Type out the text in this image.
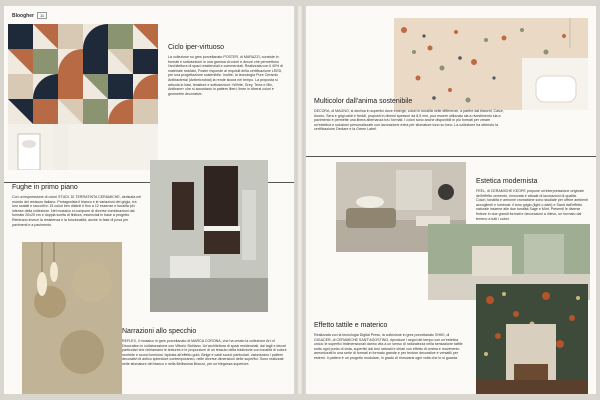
Bloogher 11
Ciclo iper-virtuoso

La collezione su gres porcellanato POSTER, di MARAZZI, consiste in formati e sottosezioni in una gamma di colori e decori che permettono l'architettura di spazi residenziali e commerciali. Realizzata con il 40% di materiale riciclato, Poster risponde ai requisiti della certificazione LEED, per una progettazione sostenibile. Inoltre, la tecnologia Pure Ceramic Antibacterial (Antimicrobial) la rende sicura nel tempo. La proposta si articola in basi, tessiture e sottosezioni: «White, Grey, Terra e Mix, Antitrace» che si accostano in pattern liberi, linee in diversi colori e geometrie decorative.

Fughe in primo piano

Con un'espressione di colori STUDI, DI TERRATINTA CERAMICHE, dedicata nel mondo del restauro italiano. Protagonista il bianco e le variazioni del grigio, tra loro scalati e raccolti in 15 colori ben distinti e fino a 12 essenze e tonalità più intense della collezione. Nel mosaico si compone di diverse combinazioni dal formato 20x20 cm e doppia scelta di finitura, essenziali in base a progetto. Rientrano invece la resistenza e la funzionalità, anche in fase di posa per pavimenti e a pavimento.

Narrazioni allo specchio

REFLEX, il mosaico in gres porcellanato di MARCA CORONA, che ha creato la collezione Art of Decoration in collaborazione con Vittorio Siciliano. Un'architettura di spazi residenziali, dai tagli e decori particolari che richiamano le textures e le proporzioni di un tessuto della tradizione con tonalità di colore morbide e scorci luminosi. Ispirata all'effetto gold, Beige e caldi scorci particolari, valorizzano i pattern decorativi di antico splendore contemporaneo, nelle diverse dimensioni delle superfici. Sono realizzati nelle sfumature del bianco e nella Bellissima Bronzo, per un'eleganza superiore.

Multicolor dall'anima sostenibile

DECORA, di MAGNO, si declina in superfici dove emerge, colori in tonalità nelle differenze, a partire dai bianchi, Calce, Avorio, Sera e grigi caldi e freddi, proposti in diversi spessori da 8,5 mm, può essere utilizzato sia a rivestimento sia a pavimento e permette una libera alternanza tra i formati. I colori sono anche disponibili in più formati per creare un'estetica e soluzioni personalizzate con lavorazione extra per sfumature tono su tono. La collezione ha ottenuto la certificazione Declare e la Green Label.

Estetica modernista

FEEL, di CERAMICHE KEOPE propone un'interpretazione originale dell'effetto cemento, rinnovata e attuale di lavorazioni di qualità. Colori, tonalità e armonie cromatiche sono studiate per offrire ambienti accoglienti e luminosi: il tono grigio (light o dark) e Sand dall'effetto naturale insieme alle due tonalità Sage e Mint. Presenti le diverse finiture in due grandi formati e decorazioni a rilievo, un formato dal terreno a tutti i colori.

Effetto tattile e materico

Realizzata con la tecnologia Digital Press, la collezione in gres porcellanato SHIKI, di GIGACER, di CERAMICHE SANT'AGOSTINO, riproduce i segni del tempo con un'estetica unica: le superfici tridimensionali danno vita a un senso di naturalezza nella sensazione tattile sotto ogni punto di vista, superfici dai toni naturali e chiari con effetto di ombra e movimento armonizzati in una serie di formati in formato grande e per texture decorative e versatili per esterni. Il pattern è un progetto modulare, in grado di rinnovarsi ogni volta che lo si guarda.
